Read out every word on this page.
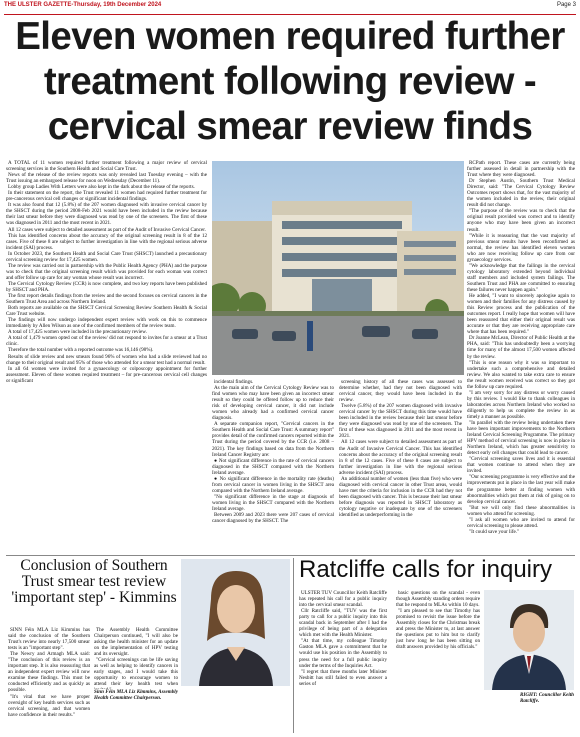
THE ULSTER GAZETTE-Thursday, 19th December 2024	Page 3
Eleven women required further treatment following review - cervical smear review finds

A TOTAL of 11 women required further treatment following a major review of cervical screening services in the Southern Health and Social Care Trust.

News of the release of the review reports was only revealed last Tuesday evening – with the Trust issuing an embargoed release for noon on Wednesday (December 11).

Lobby group Ladies With Letters were also kept in the dark about the release of the reports.

In their statement on the report, the Trust revealed 11 women had required further treatment for pre-cancerous cervical cell changes or significant incidental findings.

It was also found that 12 (5.8%) of the 207 women diagnosed with invasive cervical cancer by the SHSCT during the period 2008-Feb 2021 would have been included in the review because their last smear before they were diagnosed was read by one of the screeners. The first of these was diagnosed in 2011 and the most recent in 2021.

All 12 cases were subject to detailed assessment as part of the Audit of Invasive Cervical Cancer.

This has identified concerns about the accuracy of the original screening result in 8 of the 12 cases. Five of these 8 are subject to further investigation in line with the regional serious adverse incident (SAI) process.

In October 2023, the Southern Health and Social Care Trust (SHSCT) launched a precautionary cervical screening review for 17,425 women.

The review was carried out in partnership with the Public Health Agency (PHA) and the purpose was to check that the original screening result which was provided for each woman was correct and offer follow up care for any woman whose result was incorrect.

The Cervical Cytology Review (CCR) is now complete, and two key reports have been published by SHSCT and PHA.

The first report details findings from the review and the second focuses on cervical cancers in the Southern Trust Area and across Northern Ireland.

Both reports are available on the SHSCT Cervical Screening Review Southern Health & Social Care Trust website.

The findings will now undergo independent expert review with work on this to commence immediately by Allen Wilson as one of the confirmed members of the review team.

A total of 17,425 women were included in the precautionary review.

A total of 1,479 women opted out of the review/ did not respond to invites for a smear at a Trust clinic.

Therefore the total number with a reported outcome was 16,146 (98%).

Results of slide review and new smears found 96% of women who had a slide reviewed had no change to their original result and 95% of those who attended for a smear test had a normal result.

In all 64 women were invited for a gynaecology or colposcopy appointment for further assessment. Eleven of these women required treatment – for pre-cancerous cervical cell changes or significant	incidental findings.

As the main aim of the Cervical Cytology Review was to find women who may have been given an incorrect smear result so they could be offered follow up to reduce their risk of developing cervical cancer, it did not include women who already had a confirmed cervical cancer diagnosis.

A separate companion report, "Cervical cancers in the Southern Health and Social Care Trust: A summary report" provides detail of the confirmed cancers reported within the Trust during the period covered by the CCR (i.e. 2008 – 2021). The key findings based on data from the Northern Ireland Cancer Registry are:

● Not significant difference in the rate of cervical cancers diagnosed in the SHSCT compared with the Northern Ireland average.

● No significant difference in the mortality rate (deaths) from cervical cancer in women living in the SHSCT area compared with the Northern Ireland average.

"No significant difference in the stage at diagnosis of women living in the SHSCT compared with the Northern Ireland average.

Between 2009 and 2023 there were 207 cases of cervical cancer diagnosed by the SHSCT. The

screening history of all these cases was assessed to determine whether, had they not been diagnosed with cervical cancer, they would have been included in the review.

Twelve (5.8%) of the 207 women diagnosed with invasive cervical cancer by the SHSCT during this time would have been included in the review because their last smear before they were diagnosed was read by one of the screeners. The first of these was diagnosed in 2011 and the most recent in 2021.

All 12 cases were subject to detailed assessment as part of the Audit of Invasive Cervical Cancer. This has identified concerns about the accuracy of the original screening result in 8 of the 12 cases. Five of these 8 cases are subject to further investigation in line with the regional serious adverse incident (SAI) process.

An additional number of women (less than five) who were diagnosed with cervical cancer in other Trust areas, would have met the criteria for inclusion in the CCR had they not been diagnosed with cancer. This is because their last smear before diagnosis was reported in SHSCT laboratory as cytology negative or inadequate by one of the screeners identified as underperforming in the

RCPath report. These cases are currently being further assessed in detail in partnership with the Trust where they were diagnosed.

Dr Stephen Austin, Southern Trust Medical Director, said: "The Cervical Cytology Review Outcomes report shows that, for the vast majority of the women included in the review, their original result did not change.

"The purpose of the review was to check that the original result provided was correct and to identify anyone who may have been given an incorrect result.

"While it is reassuring that the vast majority of previous smear results have been reconfirmed as normal, the review has identified eleven women who are now receiving follow up care from our gynaecology services.

"We acknowledge that the failings in the cervical cytology laboratory extended beyond individual staff members and included system failings. The Southern Trust and PHA are committed to ensuring these failures never happen again."

He added, "I want to sincerely apologise again to women and their families for any distress caused by this Review process and the publication of the outcomes report. I really hope that women will have been reassured that either their original result was accurate or that they are receiving appropriate care where that has been required."

Dr Joanne McLean, Director of Public Health at the PHA, said: "This has undoubtedly been a worrying time for many of the almost 17,500 women affected by the review.

"This is one reason why it was so important to undertake such a comprehensive and detailed review. We also wanted to take extra care to ensure the result women received was correct so they got the follow up care required.

"I am very sorry for any distress or worry caused by this review. I would like to thank colleagues in laboratories across Northern Ireland who worked so diligently to help us complete the review in as timely a manner as possible.

"In parallel with the review being undertaken there have been important improvements to the Northern Ireland Cervical Screening Programme. The primary HPV method of cervical screening is now in place in Northern Ireland, which has greater sensitivity to detect early cell changes that could lead to cancer.

"Cervical screening saves lives and it is essential that women continue to attend when they are invited.

"Our screening programme is very effective and the improvements put in place in the last year will make the programme better at finding women with abnormalities which put them at risk of going on to develop cervical cancer.

"But we will only find these abnormalities in women who attend for screening.

"I ask all women who are invited to attend for cervical screening to please attend.

"It could save your life."

Conclusion of Southern Trust smear test review 'important step' - Kimmins

SINN Féin MLA Liz Kimmins has said the conclusion of the Southern Trust's review into nearly 17,500 smear tests is an "important step".

The Newry and Armagh MLA said: "The conclusion of this review is an important step. It is also reassuring that an independent expert review will now examine these findings. This must be conducted efficiently and as quickly as possible.

"It's vital that we have proper oversight of key health services such as cervical screening, and that women have confidence in their results."

The Assembly Health Committee Chairperson continued, "I will also be asking the health minister for an update on the implementation of HPV testing and its oversight.

"Cervical screenings can be life saving as well as helping to identify cancers in early stages, and I would take this opportunity to encourage women to attend their key health test when

Sinn Féin MLA Liz Kimmins, Assembly Health Committee Chairperson.
Ratcliffe calls for inquiry

ULSTER TUV Councillor Keith Ratcliffe has repeated his call for a public inquiry into the cervical smear scandal.

Cllr Ratcliffe said, "TUV was the first party to call for a public inquiry into this scandal back in September after I had the privilege of being part of a delegation which met with the Health Minister.

"At that time, my colleague Timothy Gaston MLA gave a commitment that he would use his position in the Assembly to press the need for a full public inquiry under the terms of the Inquiries Act.

"I regret that three months later Minister Nesbitt has still failed to even answer a series of

basic questions on the scandal - even though Assembly standing orders require that he respond to MLAs within 10 days.

"I am pleased to see that Timothy has promised to revisit the issue before the Assembly closes for the Christmas break and press the Minister to, at last answer the questions put to him but to clarify just how long he has been sitting on draft answers provided by his officials."

RIGHT: Councillor Keith Ratcliffe.
